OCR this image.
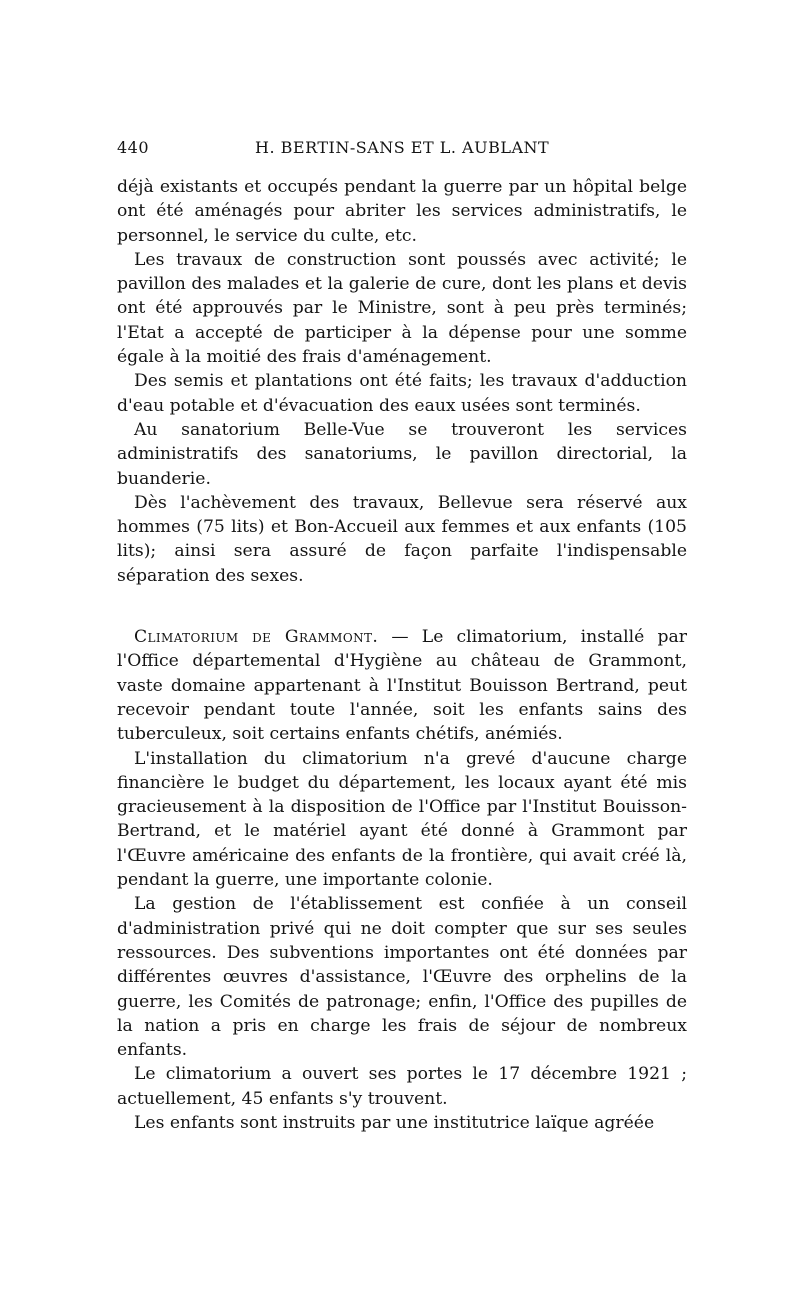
440	H. BERTIN-SANS ET L. AUBLANT

déjà existants et occupés pendant la guerre par un hôpital belge ont été aménagés pour abriter les services administratifs, le personnel, le service du culte, etc.

Les travaux de construction sont poussés avec activité; le pavillon des malades et la galerie de cure, dont les plans et devis ont été approuvés par le Ministre, sont à peu près terminés; l'Etat a accepté de participer à la dépense pour une somme égale à la moitié des frais d'aménagement.

Des semis et plantations ont été faits; les travaux d'adduction d'eau potable et d'évacuation des eaux usées sont terminés.

Au sanatorium Belle-Vue se trouveront les services administratifs des sanatoriums, le pavillon directorial, la buanderie.

Dès l'achèvement des travaux, Bellevue sera réservé aux hommes (75 lits) et Bon-Accueil aux femmes et aux enfants (105 lits); ainsi sera assuré de façon parfaite l'indispensable séparation des sexes.

Climatorium de Grammont. — Le climatorium, installé par l'Office départemental d'Hygiène au château de Grammont, vaste domaine appartenant à l'Institut Bouisson Bertrand, peut recevoir pendant toute l'année, soit les enfants sains des tuberculeux, soit certains enfants chétifs, anémiés.

L'installation du climatorium n'a grevé d'aucune charge financière le budget du département, les locaux ayant été mis gracieusement à la disposition de l'Office par l'Institut Bouisson-Bertrand, et le matériel ayant été donné à Grammont par l'Œuvre américaine des enfants de la frontière, qui avait créé là, pendant la guerre, une importante colonie.

La gestion de l'établissement est confiée à un conseil d'administration privé qui ne doit compter que sur ses seules ressources. Des subventions importantes ont été données par différentes œuvres d'assistance, l'Œuvre des orphelins de la guerre, les Comités de patronage; enfin, l'Office des pupilles de la nation a pris en charge les frais de séjour de nombreux enfants.

Le climatorium a ouvert ses portes le 17 décembre 1921 ; actuellement, 45 enfants s'y trouvent.

Les enfants sont instruits par une institutrice laïque agréée
